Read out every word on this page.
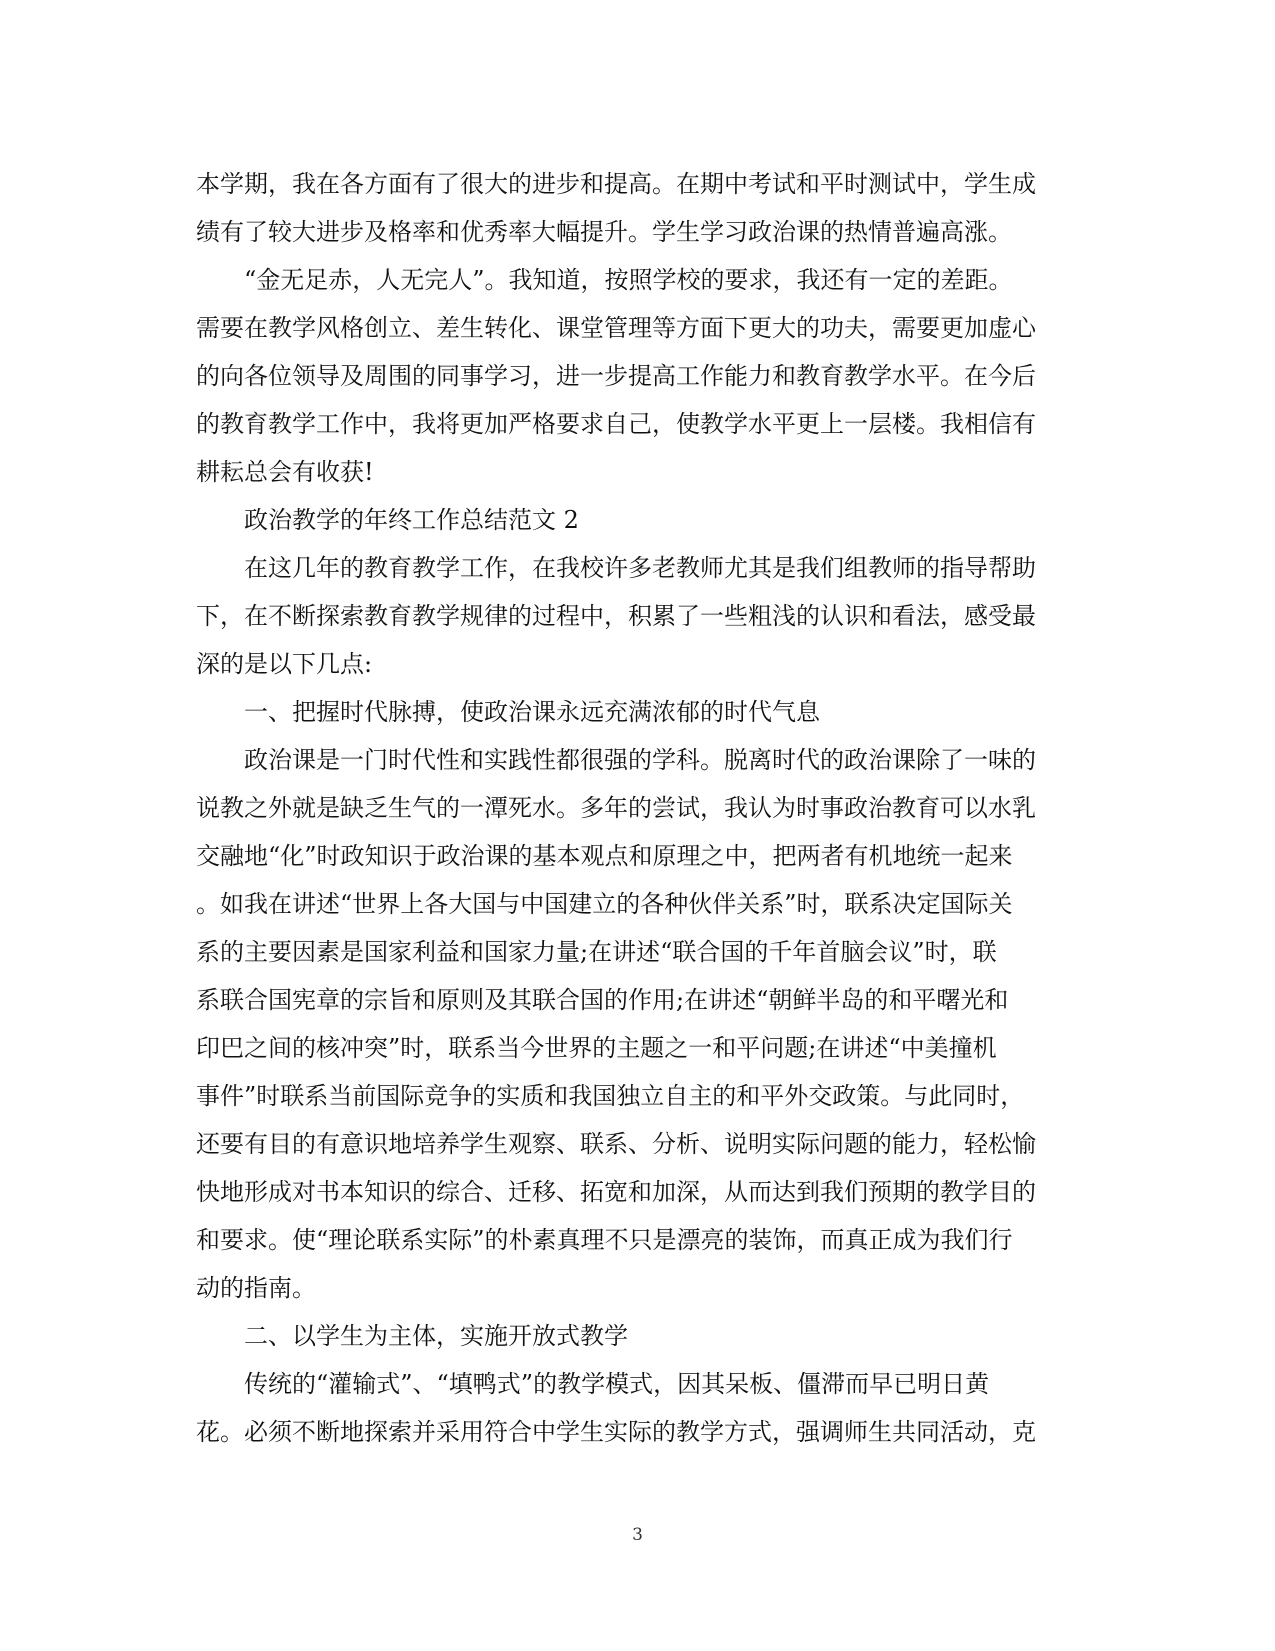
本学期，我在各方面有了很大的进步和提高。在期中考试和平时测试中，学生成
绩有了较大进步及格率和优秀率大幅提升。学生学习政治课的热情普遍高涨。
“金无足赤，人无完人”。我知道，按照学校的要求，我还有一定的差距。
需要在教学风格创立、差生转化、课堂管理等方面下更大的功夫，需要更加虚心
的向各位领导及周围的同事学习，进一步提高工作能力和教育教学水平。在今后
的教育教学工作中，我将更加严格要求自己，使教学水平更上一层楼。我相信有
耕耘总会有收获!
政治教学的年终工作总结范文 2
在这几年的教育教学工作，在我校许多老教师尤其是我们组教师的指导帮助
下，在不断探索教育教学规律的过程中，积累了一些粗浅的认识和看法，感受最
深的是以下几点:
一、把握时代脉搏，使政治课永远充满浓郁的时代气息
政治课是一门时代性和实践性都很强的学科。脱离时代的政治课除了一味的
说教之外就是缺乏生气的一潭死水。多年的尝试，我认为时事政治教育可以水乳
交融地“化”时政知识于政治课的基本观点和原理之中，把两者有机地统一起来
。如我在讲述“世界上各大国与中国建立的各种伙伴关系”时，联系决定国际关
系的主要因素是国家利益和国家力量;在讲述“联合国的千年首脑会议”时，联
系联合国宪章的宗旨和原则及其联合国的作用;在讲述“朝鲜半岛的和平曙光和
印巴之间的核冲突”时，联系当今世界的主题之一和平问题;在讲述“中美撞机
事件”时联系当前国际竞争的实质和我国独立自主的和平外交政策。与此同时，
还要有目的有意识地培养学生观察、联系、分析、说明实际问题的能力，轻松愉
快地形成对书本知识的综合、迁移、拓宽和加深，从而达到我们预期的教学目的
和要求。使“理论联系实际”的朴素真理不只是漂亮的装饰，而真正成为我们行
动的指南。
二、以学生为主体，实施开放式教学
传统的“灌输式”、“填鸭式”的教学模式，因其呆板、僵滞而早已明日黄
花。必须不断地探索并采用符合中学生实际的教学方式，强调师生共同活动，克
3
